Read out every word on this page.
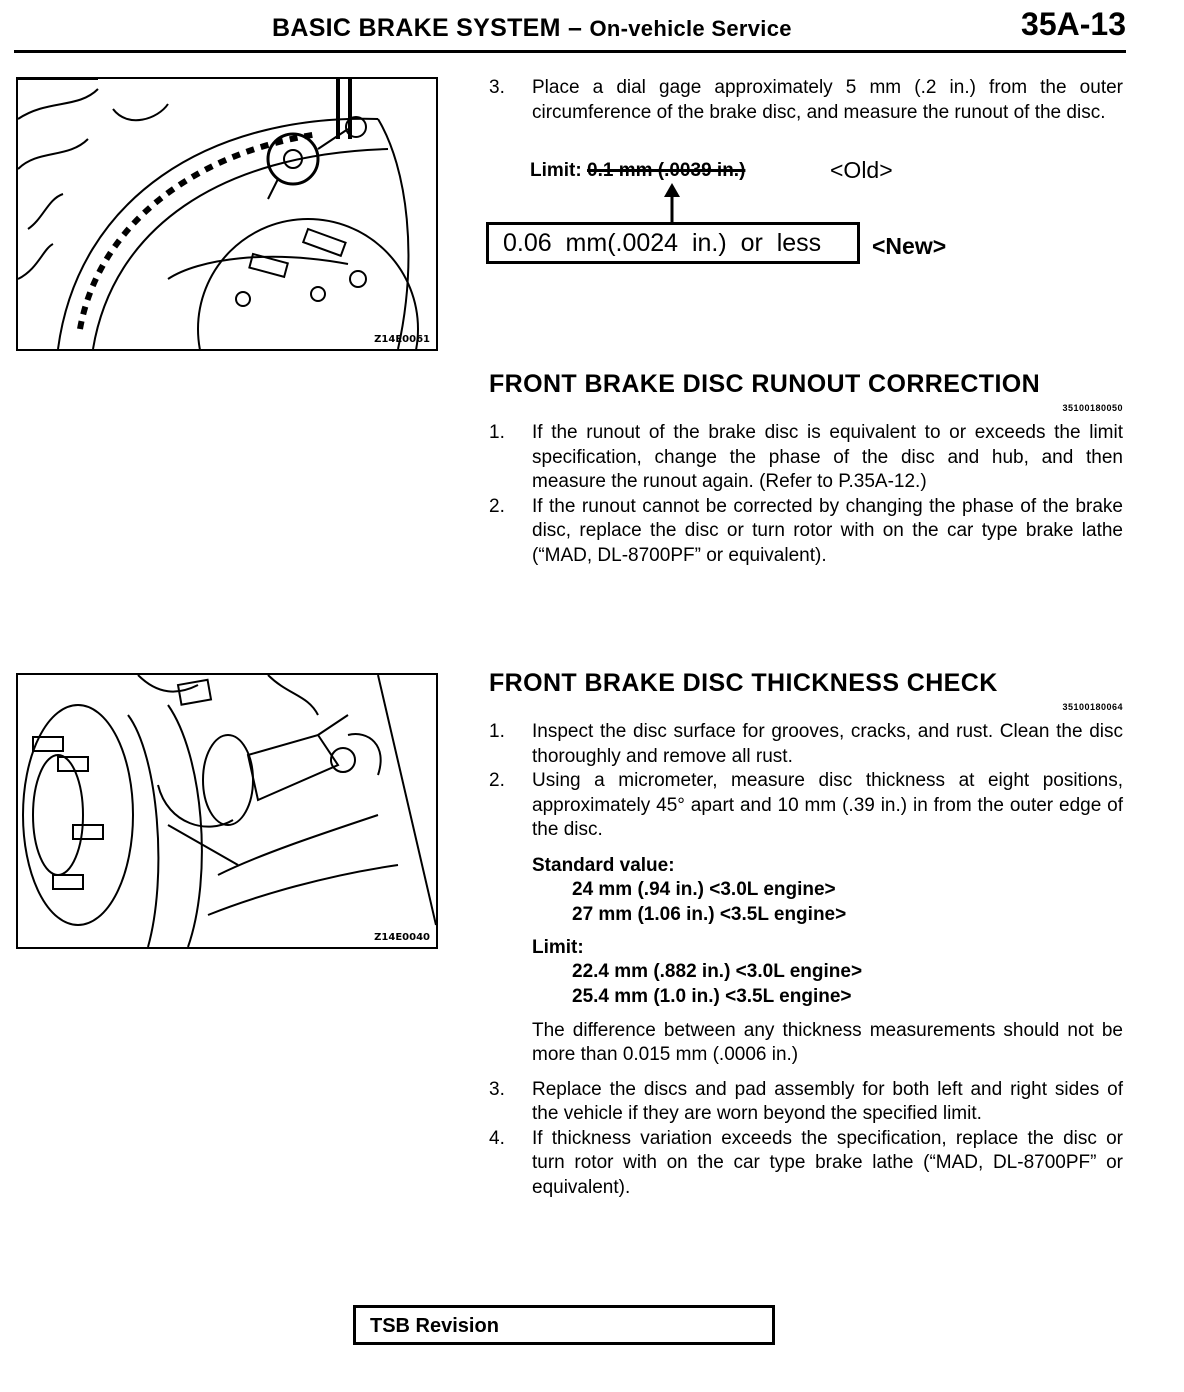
BASIC BRAKE SYSTEM – On-vehicle Service	35A-13
Z14E0061
Z14E0040
3. Place a dial gage approximately 5 mm (.2 in.) from the outer circumference of the brake disc, and measure the runout of the disc.
Limit: 0.1 mm (.0039 in.)	<Old>
0.06  mm(.0024  in.)  or  less	<New>
FRONT BRAKE DISC RUNOUT CORRECTION
35100180050
1. If the runout of the brake disc is equivalent to or exceeds the limit specification, change the phase of the disc and hub, and then measure the runout again. (Refer to P.35A-12.)
2. If the runout cannot be corrected by changing the phase of the brake disc, replace the disc or turn rotor with on the car type brake lathe (“MAD, DL-8700PF” or equivalent).
FRONT BRAKE DISC THICKNESS CHECK
35100180064
1. Inspect the disc surface for grooves, cracks, and rust. Clean the disc thoroughly and remove all rust.
2. Using a micrometer, measure disc thickness at eight positions, approximately 45° apart and 10 mm (.39 in.) in from the outer edge of the disc.
Standard value:
24 mm (.94 in.) <3.0L engine>
27 mm (1.06 in.) <3.5L engine>
Limit:
22.4 mm (.882 in.) <3.0L engine>
25.4 mm (1.0 in.) <3.5L engine>
The difference between any thickness measurements should not be more than 0.015 mm (.0006 in.)
3. Replace the discs and pad assembly for both left and right sides of the vehicle if they are worn beyond the specified limit.
4. If thickness variation exceeds the specification, replace the disc or turn rotor with on the car type brake lathe (“MAD, DL-8700PF” or equivalent).
TSB Revision
